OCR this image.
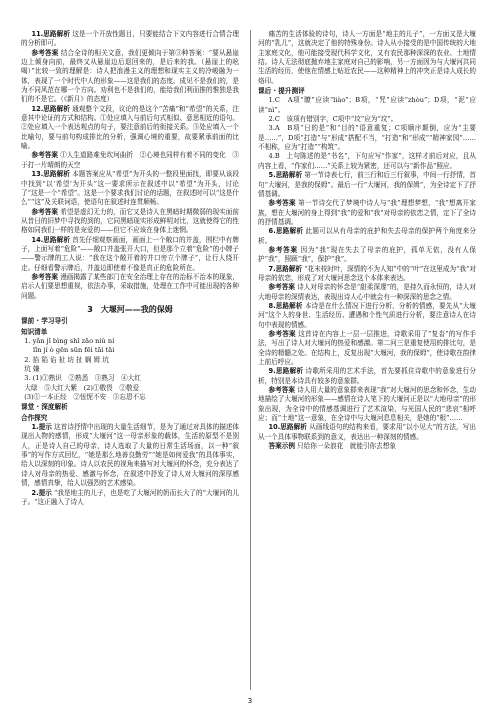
11.思路解析 这是一个开放性题目，只要能结合下文内容进行合情合理的分析即可。

参考答案 结合全诗的相关文意，我们更倾向于第③种答案：“要从悬崖边上倾身向前，最终又从悬崖边后退回来的，是后来的我。（悬崖上的吆喝）”比较一致的理解是：诗人把浪漫主义的理想和现实主义的冷峻融为一体，表现了一个时代中人的形象——这是我们的态度。成见不是我们的，是为不同风范在哪一个方向。劝利也不是我们的，能给我们利而推的惟独是我们的不是它。（《新月》的态度）

12.思路解析 通观整个文段，议论的是这个“苦痛”和“希望”的关系，注意其中论证的方式和结构。①处应填入与前后句式相似、意思相近的语句。②处应填入一个表达观点的句子，要注意前后的衔接关系。③处应填入一个比喻句，要与前句构成排比的分析，强调心境的重要，故要紧承前面的比喻。

参考答案 ①人生道路难免坎坷曲折　②心境也同样有着不同的变化　③于打一片晴朗的天空

13.思路解析 本题答案应从“希望”为开头的一整段里面找，即要从该段中找到“以‘希望’为开头”这一要求所示在叙述中以“希望”为开头，讨论了“这是一个“希望”。这是一个要求我们讨论的话题，在叙述时可以“这是什么”“这”及关联词语，使语句在叙述时连贯顺畅。

参考答案 希望是虚幻无力的，而它又是诗人在黑暗时期微弱的现实面前从昔日的旧梦中寻找的到的，它同黑暗现实形成鲜明对比，这就使得它的性格如同我们一样的是宠爱的——但它不应该在身体上迷惘。

14.思路解析 首先仔细观察画面，画面上一个敞口的井盖，围栏中有牌子，上面写着“危险”——敞口井盖张开大口，但是那个立着“危险”的小牌子——警示牌的工人说：“我在这个敞开着的井口旁立个牌子”，让行人绕开走。仔细看警示牌后，井盖边即使着不像是真正的危险所在。

参考答案 漫画揭露了某些部门在安全治理上存在的治标不治本的现象，启示人们要思想重视，依法办事，采取措施，处理在工作中可能出现的各种问题。

3　大堰河——我的保姆
课前 · 学习导引
知识清单
1. yǎn jǐ bìng shī zāo niǔ ní
　 lǐn jí ò gēn sūn fēi tāi tāi
2. 掐 陷 谄 扯 坊 扯 娴 姆 坑
坑 嫌
3. (1)①熟识　②熟悉　③熟习　④大红
大绿　⑤大红大紫　(2)①敬畏　②敬爱
(3)①一本正经　②忸怩不安　③忘恩不忘
课堂 · 深度解析
合作探究

1.提示 这首诗抒情中出现的大量生活细节，是为了通过对具体的描述体现出人物的感情，形成“大堰河”这一母亲形象的载体，生活的原型不是别人，正是诗人自己的母亲，诗人选取了大量的日常生活场面，以一种“叙事”的写作方式回忆，“她是那么地善良勤劳”“她是如何爱我”的具体事实，给人以深刻的印象。诗人以农民的视角来描写对大堰河的怀念，充分表达了诗人对母亲的热爱、感激与怀念，在叙述中抒发了诗人对大堰河的深厚感情，感情真挚，给人以强烈的艺术感染。

2.提示 “我是地主的儿子，也是吃了大堰河的奶而长大了的”大堰河的儿子。“这正融入了诗人

痛苦的生活体验的诗句，诗人一方面是“地主的儿子”，一方面又是大堰河的“乳儿”，这就决定了他的特殊身份。诗人从小接受的是中国传统的大地主家庭文化，他可能接受现代科学文化，又有农民那种深深的农业、土地情结。诗人无法彻底抛弃地主家庭对自己的影响，另一方面因为与大堰河共同生活的经历，使他在情感上贴近农民——这种精神上的冲突正是诗人成长的烙印。

课后 · 提升测评

1.C　A项“瞭”应读“liào”；B项，“咒”应读“zhòu”；D项，“泥”应读“nì”。

2.C　该项有错别字，C项中“坟”应为“坟”。

3.A　B项“日的是”和“目的”语意重复；C项顺序颠倒，应为“主要是……”，D项“打造”与“形成”搭配不当，“打造”和“形成”“精神家园”……不相称，应为“打造”“构筑”。

4.B　上句陈述的是“书名”，下句应写“作家”，这样才前后对应，且从内容上看，“作家们……”关系上较为紧密，还可以与“新作品”照应。

5.思路解析 第一节诗表七行，前三行和后三行叙事，中间一行抒情，首句“大堰河，是我的保姆”。最后一行“大堰河，我的保姆”，为全诗定下了抒情基调。

参考答案 第一节诗交代了梦境中诗人与“我”理想梦想，“我”想离开家族，想在大堰河的身上得到“我”的爱和“我”对母亲的依恋之情，定下了全诗的抒情基调。

6.思路解析 此题可以从有母亲的庇护和失去母亲的保护两个角度来分析。

参考答案 因为“我”现在失去了母亲的庇护，孤单无依，没有人保护“我”，照顾“我”，保护“我”。

7.思路解析 “花未枝时叶，深情的不为人知”中的“叶”在这里成为“我”对母亲的依恋，形成了对大堰河思念这个本体来表达。

参考答案 诗人对母亲的怀念是“甜柔深邃”的，是持久而永恒的，诗人对大地母亲的深情表达，表现出诗人心中就会有一种深深的思念之情。

8.思路解析 本诗是在什么情况下进行分析，分析的情感，要先从“大堰河”这个人的身世、生活经历、遭遇和个性气质进行分析，要注意诗人在诗句中表现的情感。

参考答案 这首诗在内容上一层一层推进，诗歌采用了“复沓”的写作手法，写出了诗人对大堰河的热爱和感激。第二问三是重复使用的排比句，是全诗的精髓之处。在结构上，反复出现“大堰河，我的保姆”，使诗歌在韵律上前后呼应。

9.思路解析 诗歌所采用的艺术手法，首先要抓住诗歌中的意象进行分析，特别是本诗具有较多的意象群。

参考答案 诗人用大量的意象群来表现“我”对大堰河的思念和怀念，生动地描绘了大堰河的形象——感情在诗人笔下的大堰河正是以“大地母亲”的形象出现，为全诗中的情感基调进行了艺术渲染，与光国人民的“悲哀”相呼应；而“土地”这一意象，在全诗中与大堰河息息相关，是她的“根”……

10.思路解析 从画线语句的结构来看，要求用“以小见大”的方法，写出从一个具体事物联系到的意义，表达出一种深刻的情感。

答案示例 只给你一朵浪花　就能引你去想象

3
